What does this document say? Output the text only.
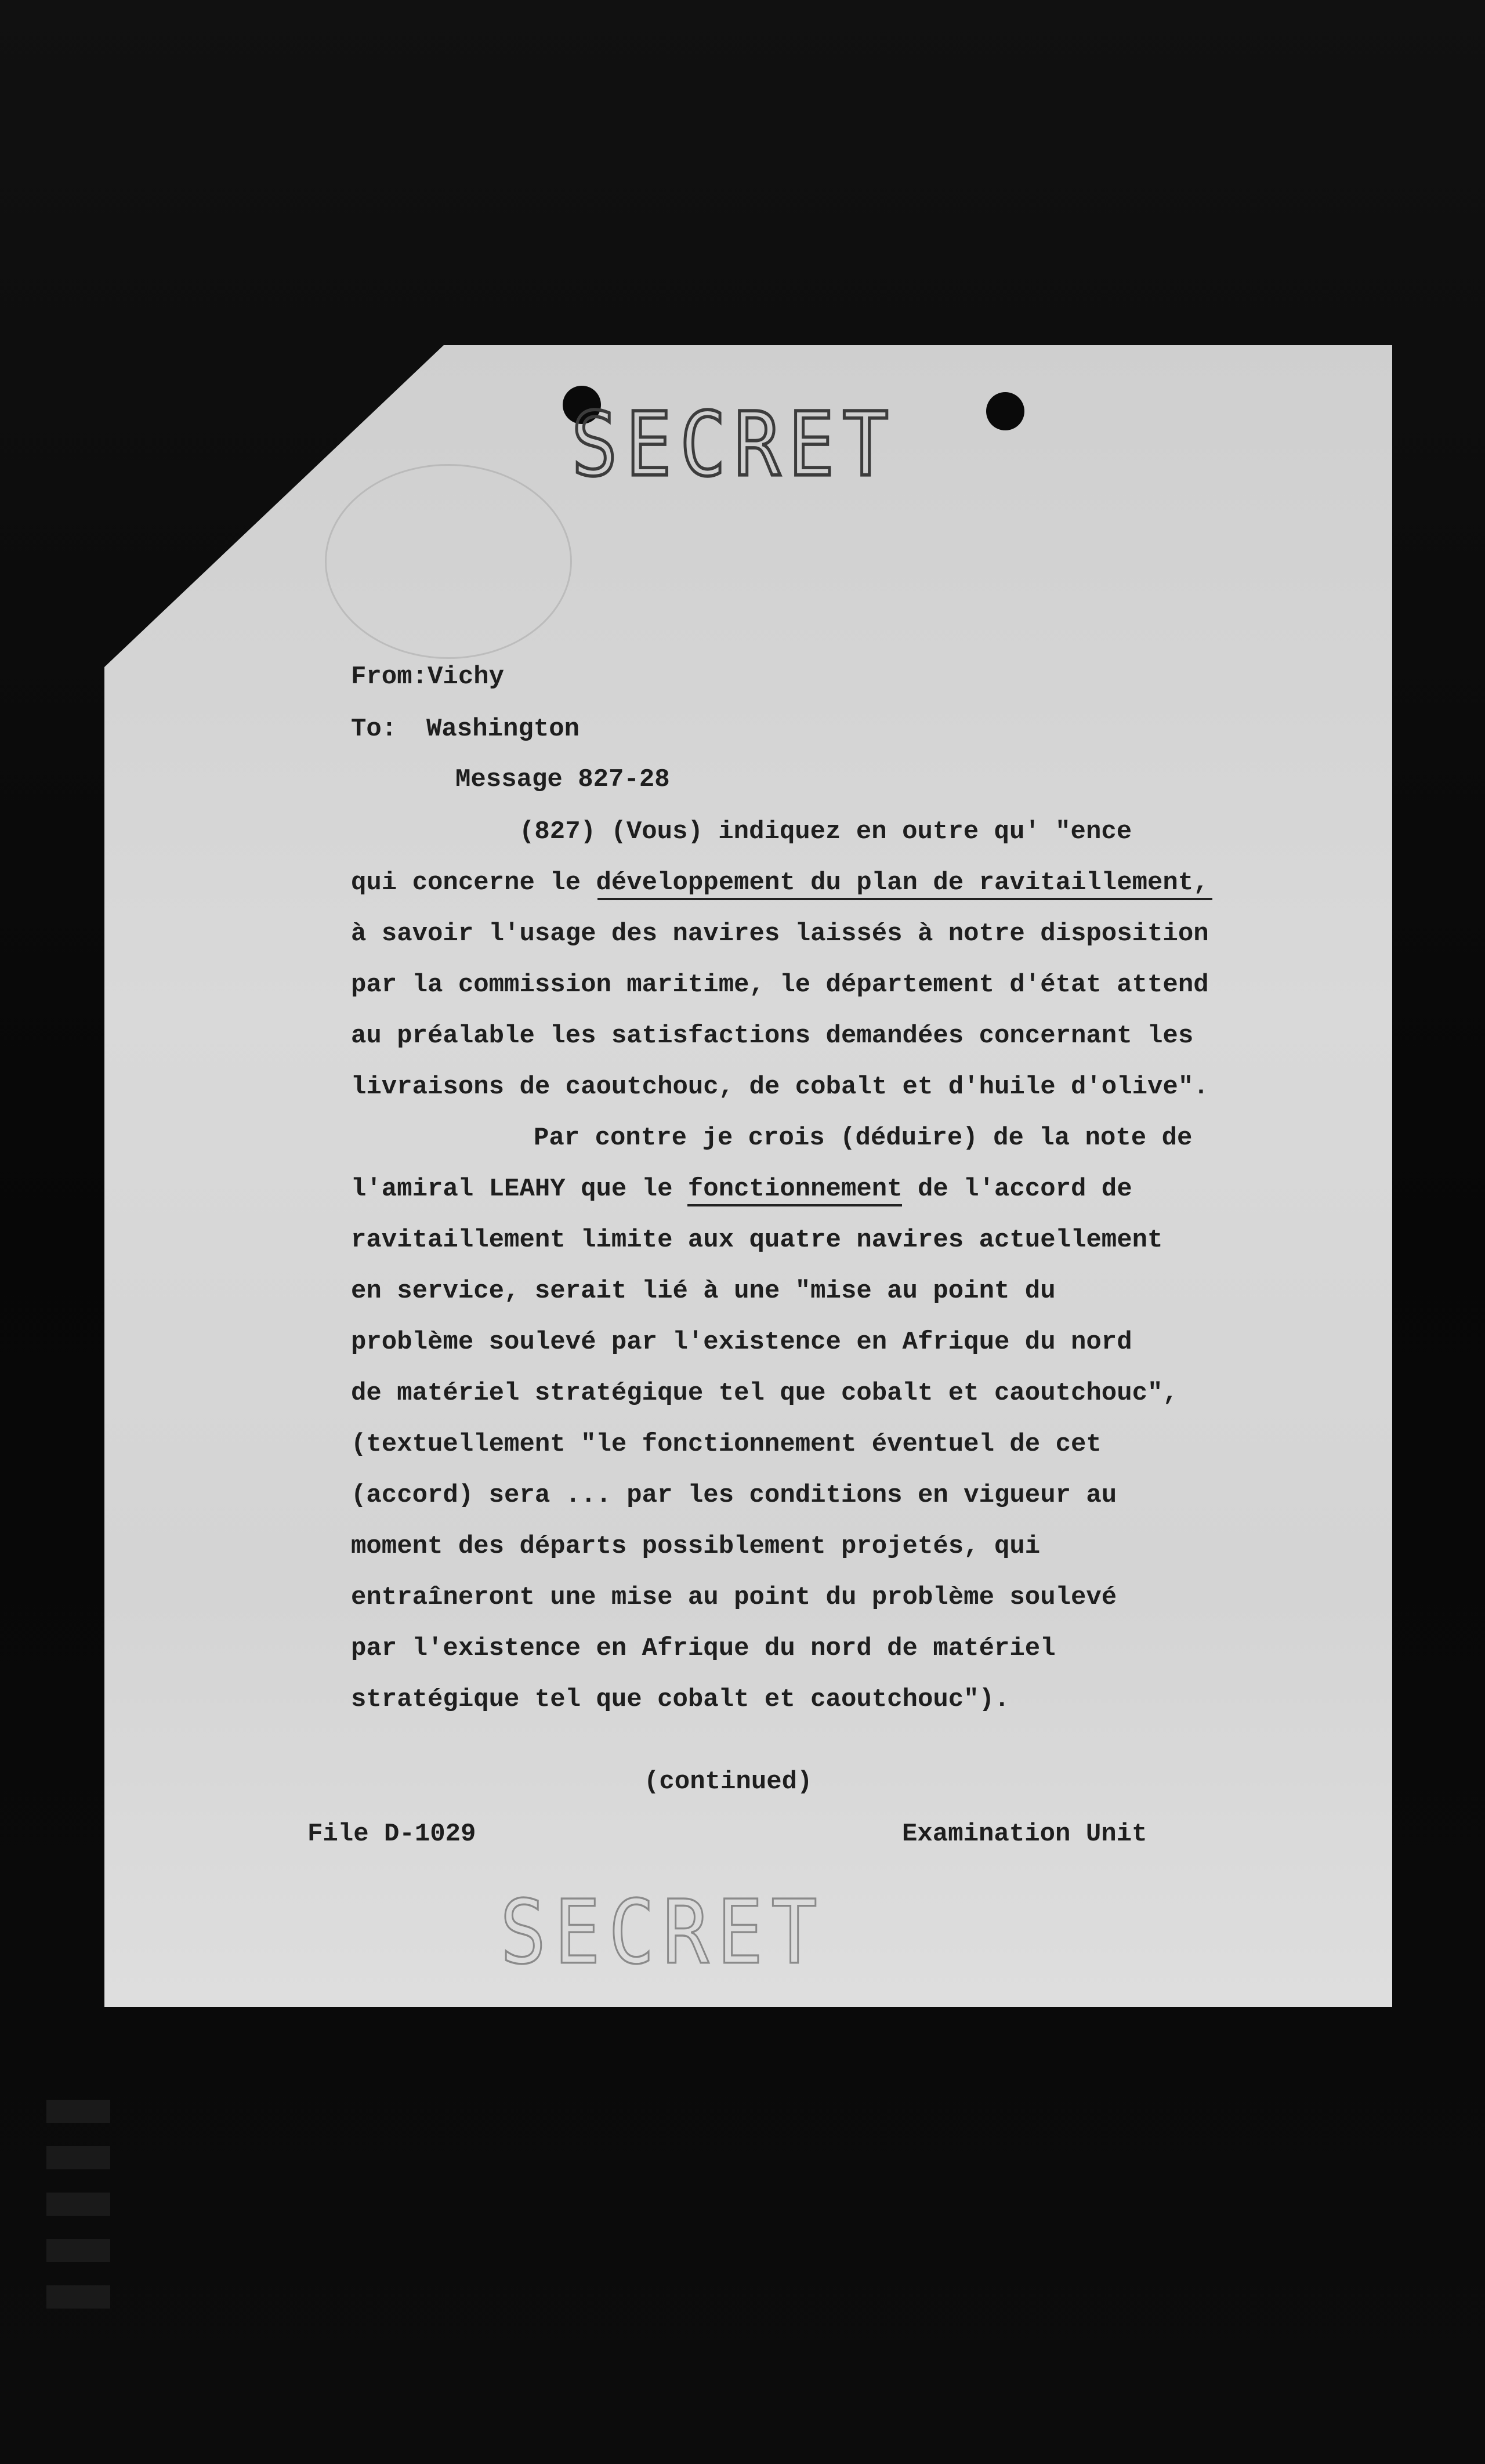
SECRET
From:Vichy
To: Washington
Message 827-28
(827) (Vous) indiquez en outre qu' "ence
qui concerne le développement du plan de ravitaillement,
à savoir l'usage des navires laissés à notre disposition
par la commission maritime, le département d'état attend
au préalable les satisfactions demandées concernant les
livraisons de caoutchouc, de cobalt et d'huile d'olive".
Par contre je crois (déduire) de la note de
l'amiral LEAHY que le fonctionnement de l'accord de
ravitaillement limite aux quatre navires actuellement
en service, serait lié à une "mise au point du
problème soulevé par l'existence en Afrique du nord
de matériel stratégique tel que cobalt et caoutchouc",
(textuellement "le fonctionnement éventuel de cet
(accord) sera ... par les conditions en vigueur au
moment des départs possiblement projetés, qui
entraîneront une mise au point du problème soulevé
par l'existence en Afrique du nord de matériel
stratégique tel que cobalt et caoutchouc").
(continued)
File D-1029	Examination Unit
SECRET
